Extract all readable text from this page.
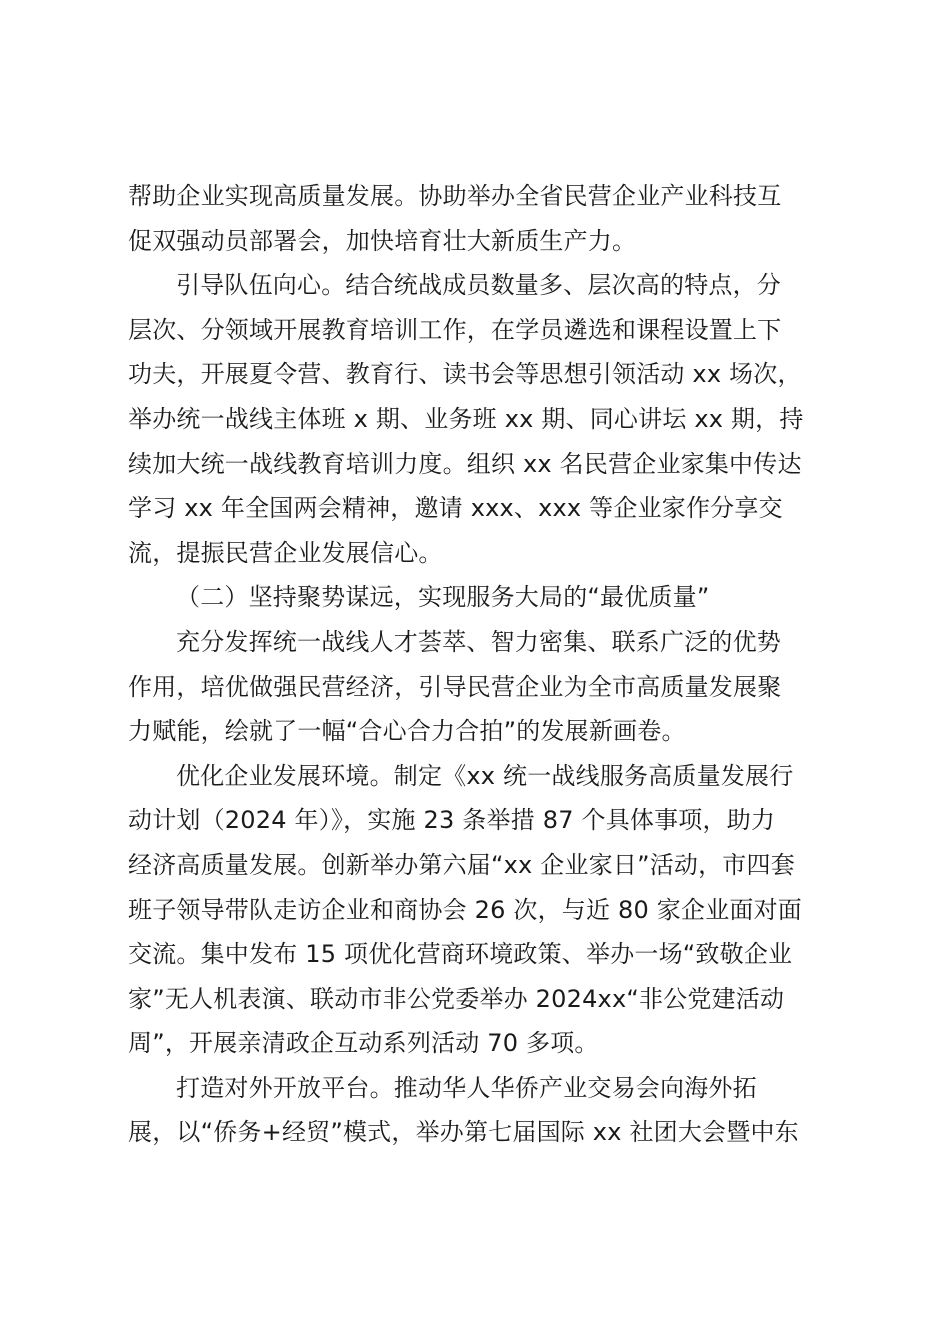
帮助企业实现高质量发展。协助举办全省民营企业产业科技互
促双强动员部署会，加快培育壮大新质生产力。
引导队伍向心。结合统战成员数量多、层次高的特点，分
层次、分领域开展教育培训工作，在学员遴选和课程设置上下
功夫，开展夏令营、教育行、读书会等思想引领活动 xx 场次，
举办统一战线主体班 x 期、业务班 xx 期、同心讲坛 xx 期，持
续加大统一战线教育培训力度。组织 xx 名民营企业家集中传达
学习 xx 年全国两会精神，邀请 xxx、xxx 等企业家作分享交
流，提振民营企业发展信心。
（二）坚持聚势谋远，实现服务大局的“最优质量”
充分发挥统一战线人才荟萃、智力密集、联系广泛的优势
作用，培优做强民营经济，引导民营企业为全市高质量发展聚
力赋能，绘就了一幅“合心合力合拍”的发展新画卷。
优化企业发展环境。制定《xx 统一战线服务高质量发展行
动计划（2024 年）》，实施 23 条举措 87 个具体事项，助力
经济高质量发展。创新举办第六届“xx 企业家日”活动，市四套
班子领导带队走访企业和商协会 26 次，与近 80 家企业面对面
交流。集中发布 15 项优化营商环境政策、举办一场“致敬企业
家”无人机表演、联动市非公党委举办 2024xx“非公党建活动
周”，开展亲清政企互动系列活动 70 多项。
打造对外开放平台。推动华人华侨产业交易会向海外拓
展，以“侨务+经贸”模式，举办第七届国际 xx 社团大会暨中东
